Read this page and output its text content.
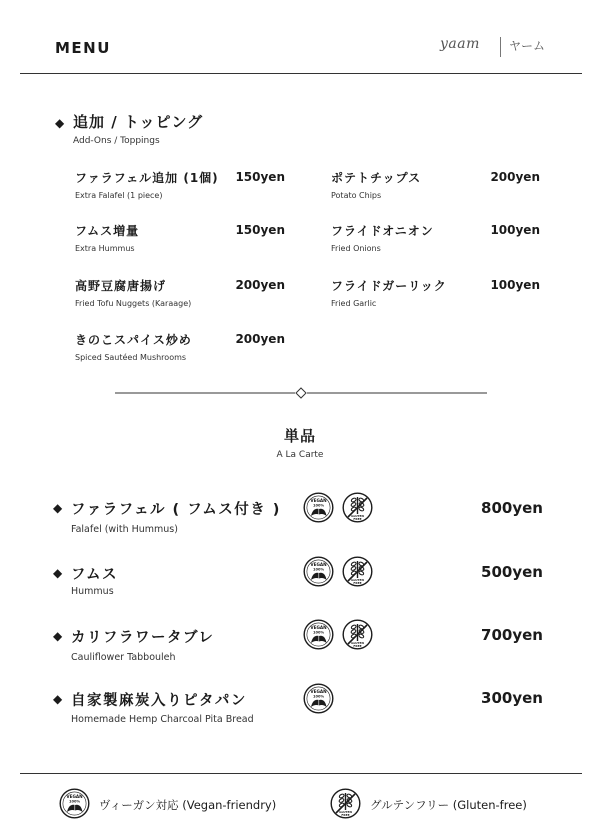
MENU	yaam ヤーム
◆ 追加 / トッピング
Add-Ons / Toppings
ファラフェル追加 (1個)
Extra Falafel (1 piece)
150yen
フムス増量
Extra Hummus
150yen
高野豆腐唐揚げ
Fried Tofu Nuggets (Karaage)
200yen
きのこスパイス炒め
Spiced Sautéed Mushrooms
200yen
ポテトチップス
Potato Chips
200yen
フライドオニオン
Fried Onions
100yen
フライドガーリック
Fried Garlic
100yen
単品
A La Carte
◆ ファラフェル ( フムス付き )
Falafel (with Hummus)
VEGAN
100%
GLUTEN
FREE
800yen
◆ フムス
Hummus
VEGAN
100%
GLUTEN
FREE
500yen
◆ カリフラワータブレ
Cauliflower Tabbouleh
VEGAN
100%
GLUTEN
FREE
700yen
◆ 自家製麻炭入りピタパン
Homemade Hemp Charcoal Pita Bread
VEGAN
100%	300yen
VEGAN
100% ヴィーガン対応 (Vegan-friendry)	GLUTEN
FREE
グルテンフリー (Gluten-free)
